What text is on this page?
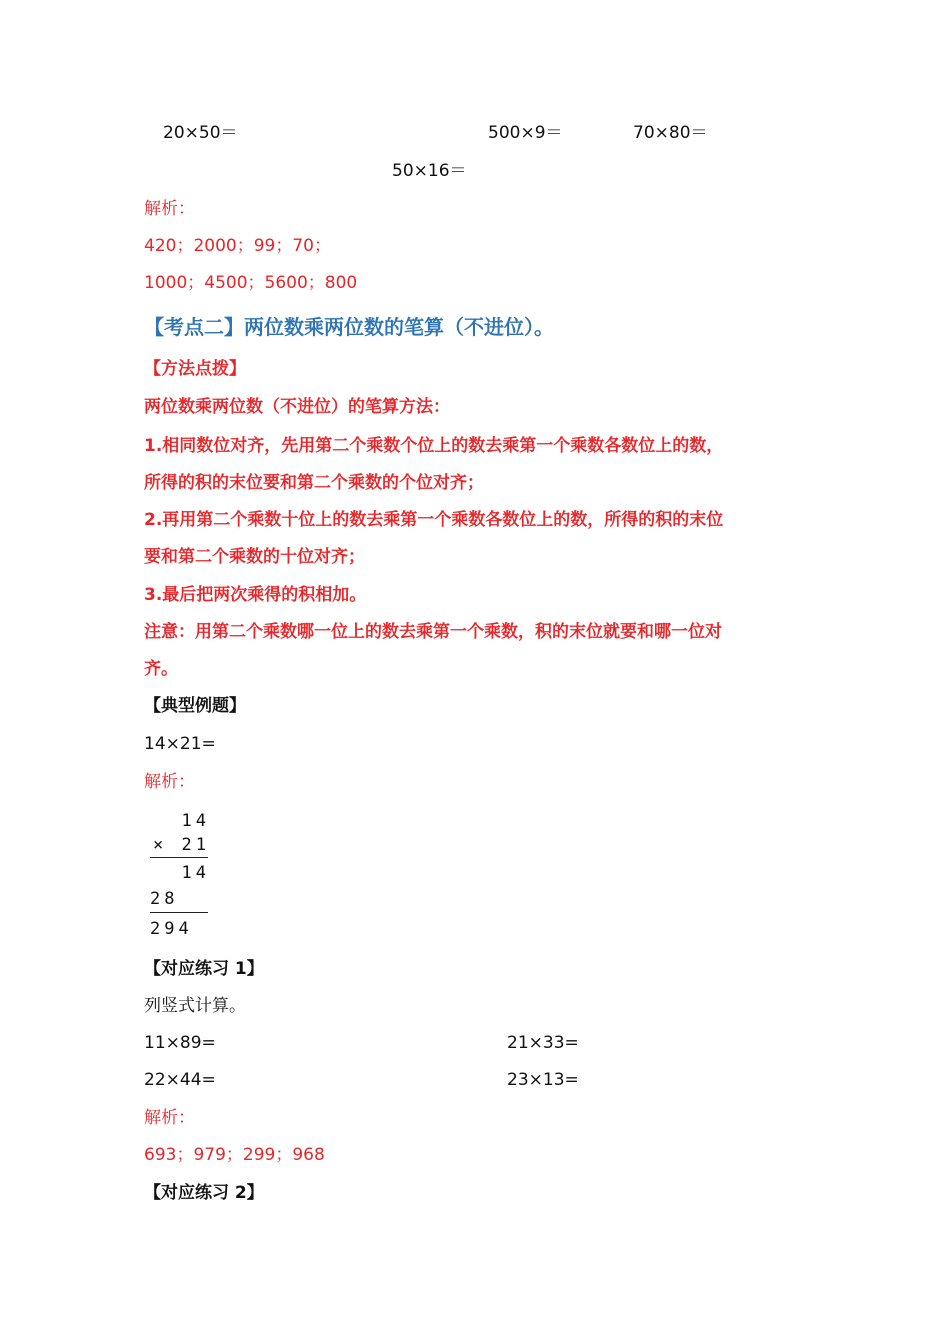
20×50＝	500×9＝	70×80＝
50×16＝
解析：
420；2000；99；70；
1000；4500；5600；800
【考点二】两位数乘两位数的笔算（不进位）。
【方法点拨】
两位数乘两位数（不进位）的笔算方法：
1.相同数位对齐，先用第二个乘数个位上的数去乘第一个乘数各数位上的数，
所得的积的末位要和第二个乘数的个位对齐；
2.再用第二个乘数十位上的数去乘第一个乘数各数位上的数，所得的积的末位
要和第二个乘数的十位对齐；
3.最后把两次乘得的积相加。
注意：用第二个乘数哪一位上的数去乘第一个乘数，积的末位就要和哪一位对
齐。
【典型例题】
14×21=
解析：
14
× 21
14
28
294
【对应练习 1】
列竖式计算。
11×89=	21×33=
22×44=	23×13=
解析：
693；979；299；968
【对应练习 2】
